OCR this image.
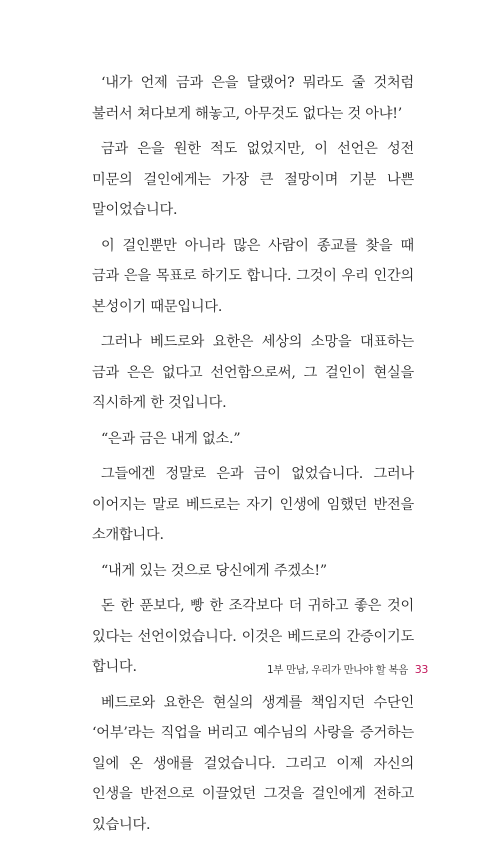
‘내가 언제 금과 은을 달랬어? 뭐라도 줄 것처럼 불러서 쳐다보게 해놓고, 아무것도 없다는 것 아냐!’

금과 은을 원한 적도 없었지만, 이 선언은 성전 미문의 걸인에게는 가장 큰 절망이며 기분 나쁜 말이었습니다.

이 걸인뿐만 아니라 많은 사람이 종교를 찾을 때 금과 은을 목표로 하기도 합니다. 그것이 우리 인간의 본성이기 때문입니다.

그러나 베드로와 요한은 세상의 소망을 대표하는 금과 은은 없다고 선언함으로써, 그 걸인이 현실을 직시하게 한 것입니다.

“은과 금은 내게 없소.”

그들에겐 정말로 은과 금이 없었습니다. 그러나 이어지는 말로 베드로는 자기 인생에 임했던 반전을 소개합니다.

“내게 있는 것으로 당신에게 주겠소!”

돈 한 푼보다, 빵 한 조각보다 더 귀하고 좋은 것이 있다는 선언이었습니다. 이것은 베드로의 간증이기도 합니다.

베드로와 요한은 현실의 생계를 책임지던 수단인 ‘어부’라는 직업을 버리고 예수님의 사랑을 증거하는 일에 온 생애를 걸었습니다. 그리고 이제 자신의 인생을 반전으로 이끌었던 그것을 걸인에게 전하고 있습니다.

1부 만남, 우리가 만나야 할 복음 33
